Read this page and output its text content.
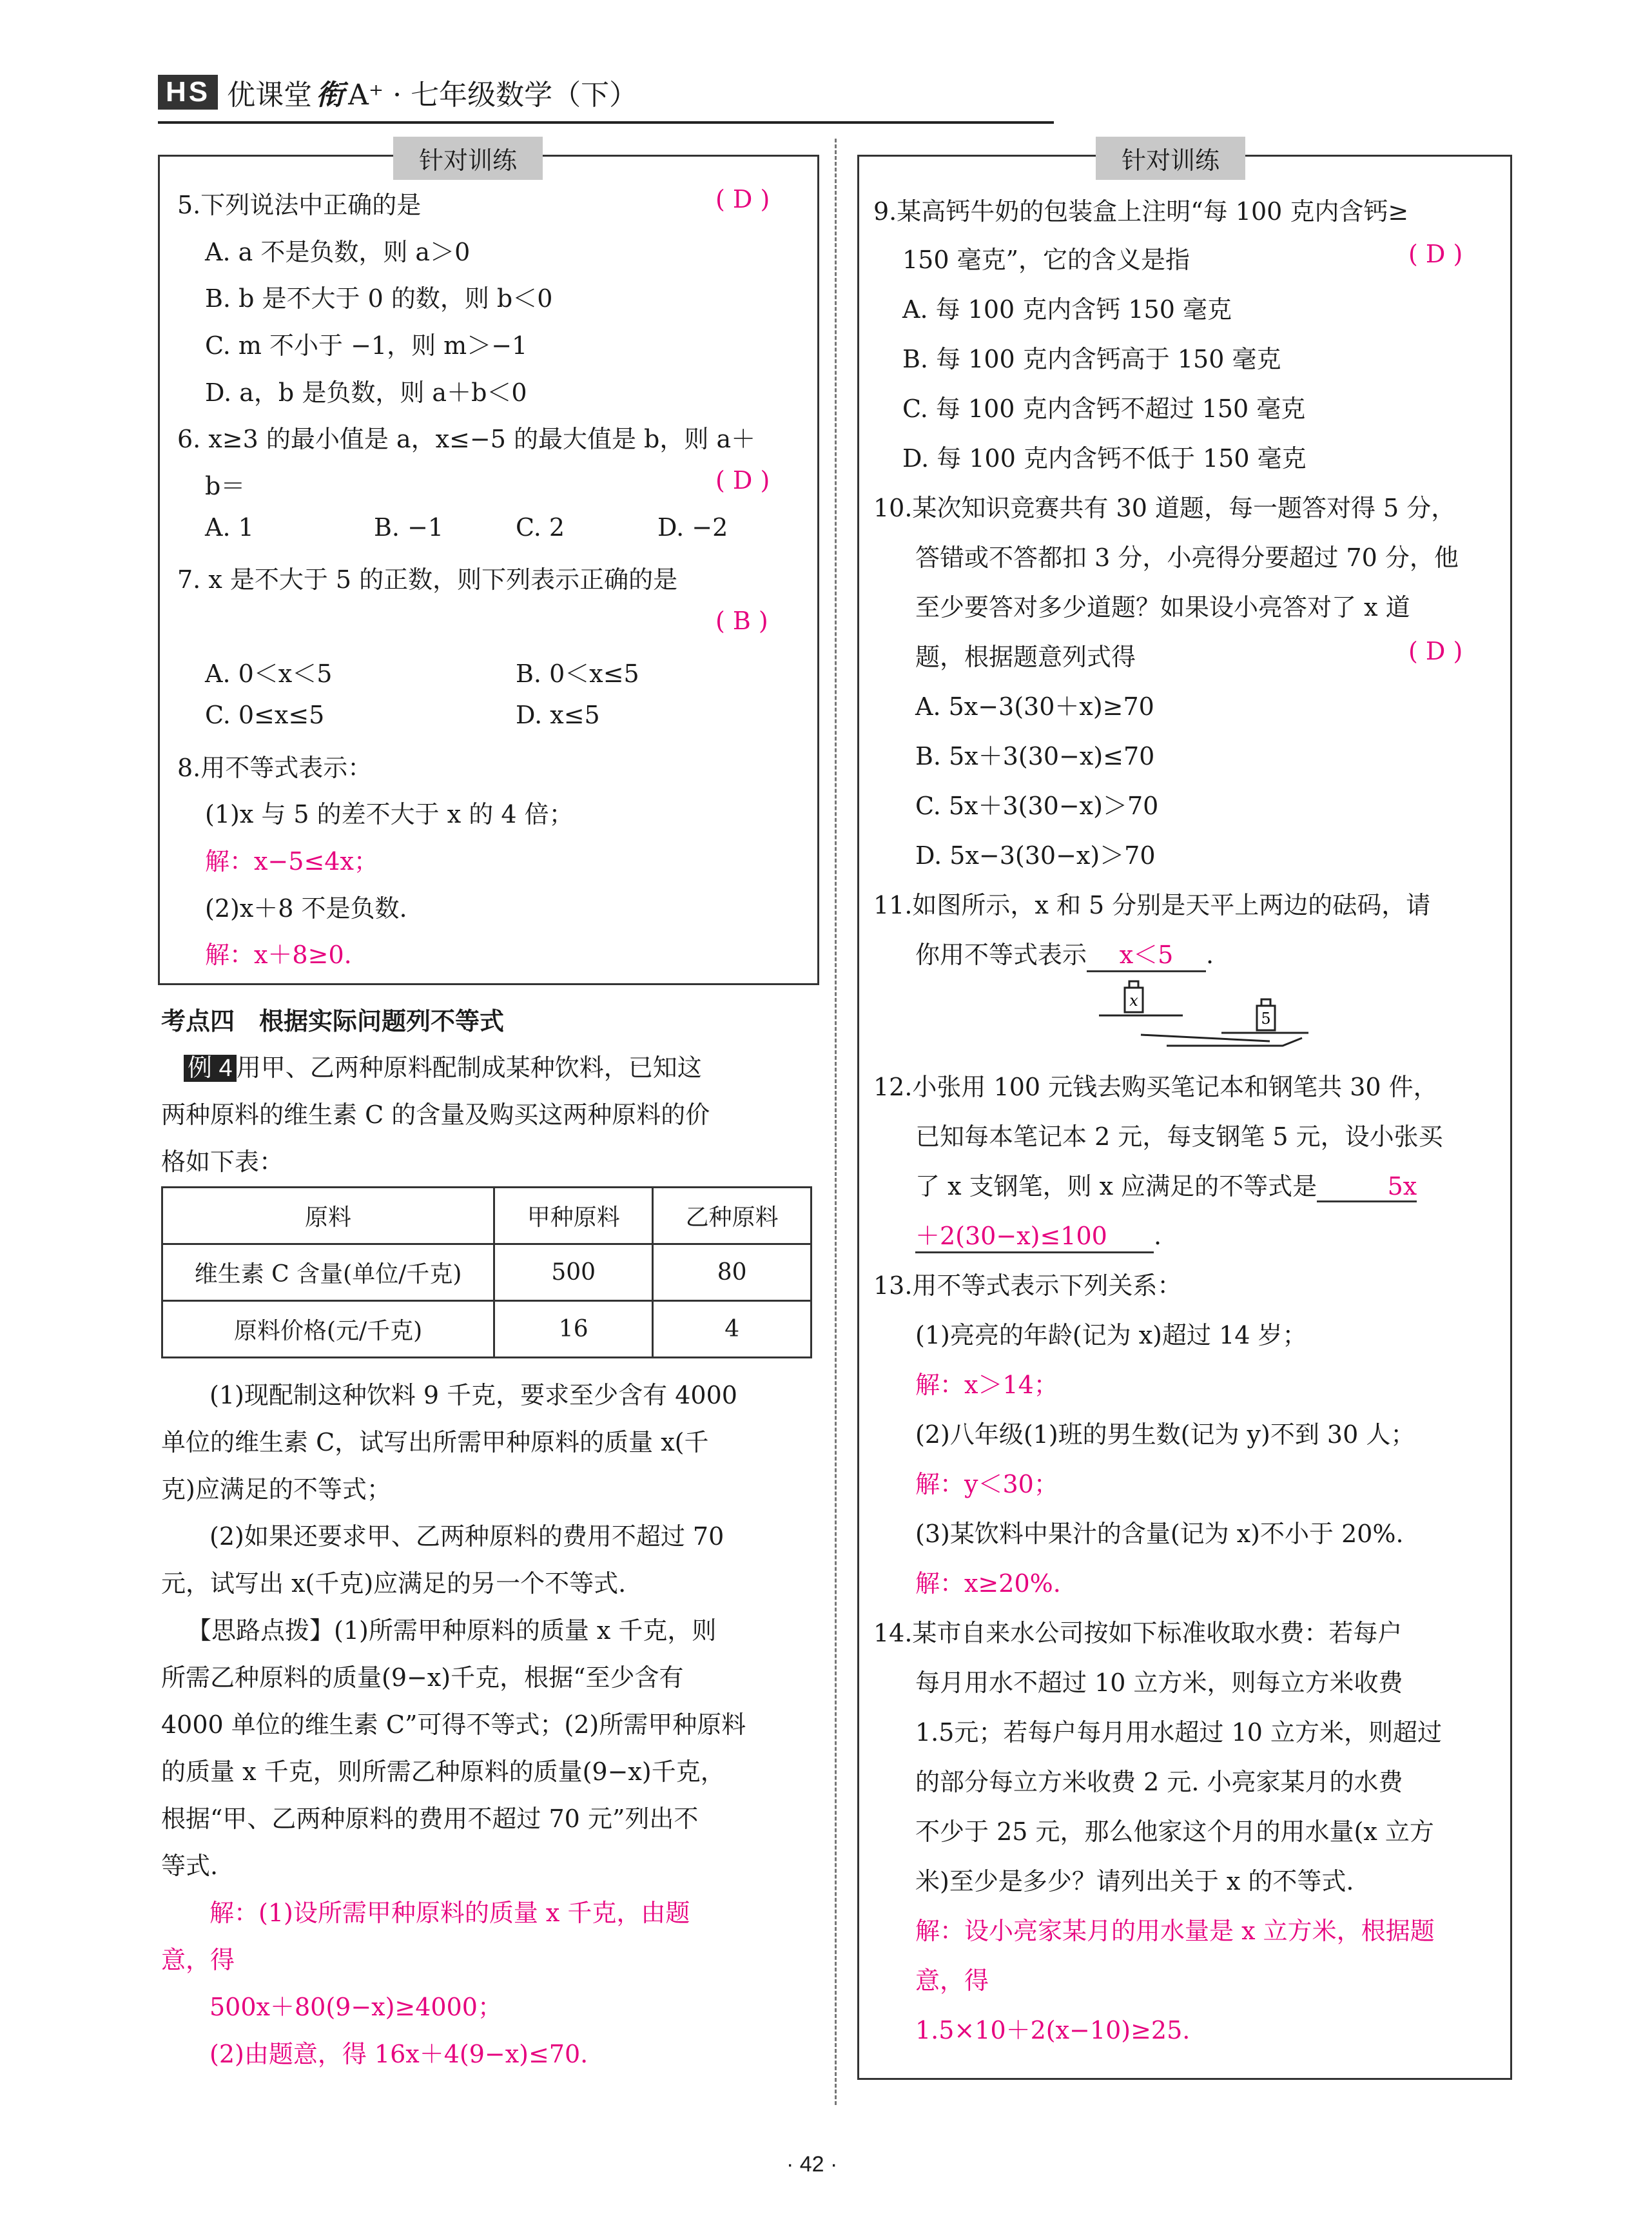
HS 优课堂 衔 A⁺ · 七年级数学（下）
针对训练
5.下列说法中正确的是	( D )
A. a 不是负数，则 a＞0
B. b 是不大于 0 的数，则 b＜0
C. m 不小于 −1，则 m＞−1
D. a，b 是负数，则 a＋b＜0
6. x≥3 的最小值是 a，x≤−5 的最大值是 b，则 a＋
b＝	( D )
A. 1	B. −1	C. 2	D. −2
7. x 是不大于 5 的正数，则下列表示正确的是
( B )
A. 0＜x＜5	B. 0＜x≤5
C. 0≤x≤5	D. x≤5
8.用不等式表示：
(1)x 与 5 的差不大于 x 的 4 倍；
解：x−5≤4x；
(2)x＋8 不是负数.
解：x＋8≥0.
考点四　根据实际问题列不等式
例 4 用甲、乙两种原料配制成某种饮料，已知这
两种原料的维生素 C 的含量及购买这两种原料的价
格如下表：
原料	甲种原料	乙种原料
维生素 C 含量(单位/千克)	500	80
原料价格(元/千克)	16	4
(1)现配制这种饮料 9 千克，要求至少含有 4000
单位的维生素 C，试写出所需甲种原料的质量 x(千
克)应满足的不等式；
(2)如果还要求甲、乙两种原料的费用不超过 70
元，试写出 x(千克)应满足的另一个不等式.
【思路点拨】(1)所需甲种原料的质量 x 千克，则
所需乙种原料的质量(9−x)千克，根据“至少含有
4000 单位的维生素 C”可得不等式；(2)所需甲种原料
的质量 x 千克，则所需乙种原料的质量(9−x)千克，
根据“甲、乙两种原料的费用不超过 70 元”列出不
等式.
解：(1)设所需甲种原料的质量 x 千克，由题
意，得
500x＋80(9−x)≥4000；
(2)由题意，得 16x＋4(9−x)≤70.
针对训练
9.某高钙牛奶的包装盒上注明“每 100 克内含钙≥
150 毫克”，它的含义是指	( D )
A. 每 100 克内含钙 150 毫克
B. 每 100 克内含钙高于 150 毫克
C. 每 100 克内含钙不超过 150 毫克
D. 每 100 克内含钙不低于 150 毫克
10.某次知识竞赛共有 30 道题，每一题答对得 5 分，
答错或不答都扣 3 分，小亮得分要超过 70 分，他
至少要答对多少道题？如果设小亮答对了 x 道
题，根据题意列式得	( D )
A. 5x−3(30＋x)≥70
B. 5x＋3(30−x)≤70
C. 5x＋3(30−x)＞70
D. 5x−3(30−x)＞70
11.如图所示，x 和 5 分别是天平上两边的砝码，请
你用不等式表示 x＜5 .
x
5
12.小张用 100 元钱去购买笔记本和钢笔共 30 件，
已知每本笔记本 2 元，每支钢笔 5 元，设小张买
了 x 支钢笔，则 x 应满足的不等式是	5x
＋2(30−x)≤100 .
13.用不等式表示下列关系：
(1)亮亮的年龄(记为 x)超过 14 岁；
解：x＞14；
(2)八年级(1)班的男生数(记为 y)不到 30 人；
解：y＜30；
(3)某饮料中果汁的含量(记为 x)不小于 20%.
解：x≥20%.
14.某市自来水公司按如下标准收取水费：若每户
每月用水不超过 10 立方米，则每立方米收费
1.5元；若每户每月用水超过 10 立方米，则超过
的部分每立方米收费 2 元. 小亮家某月的水费
不少于 25 元，那么他家这个月的用水量(x 立方
米)至少是多少？请列出关于 x 的不等式.
解：设小亮家某月的用水量是 x 立方米，根据题
意，得
1.5×10＋2(x−10)≥25.
· 42 ·
